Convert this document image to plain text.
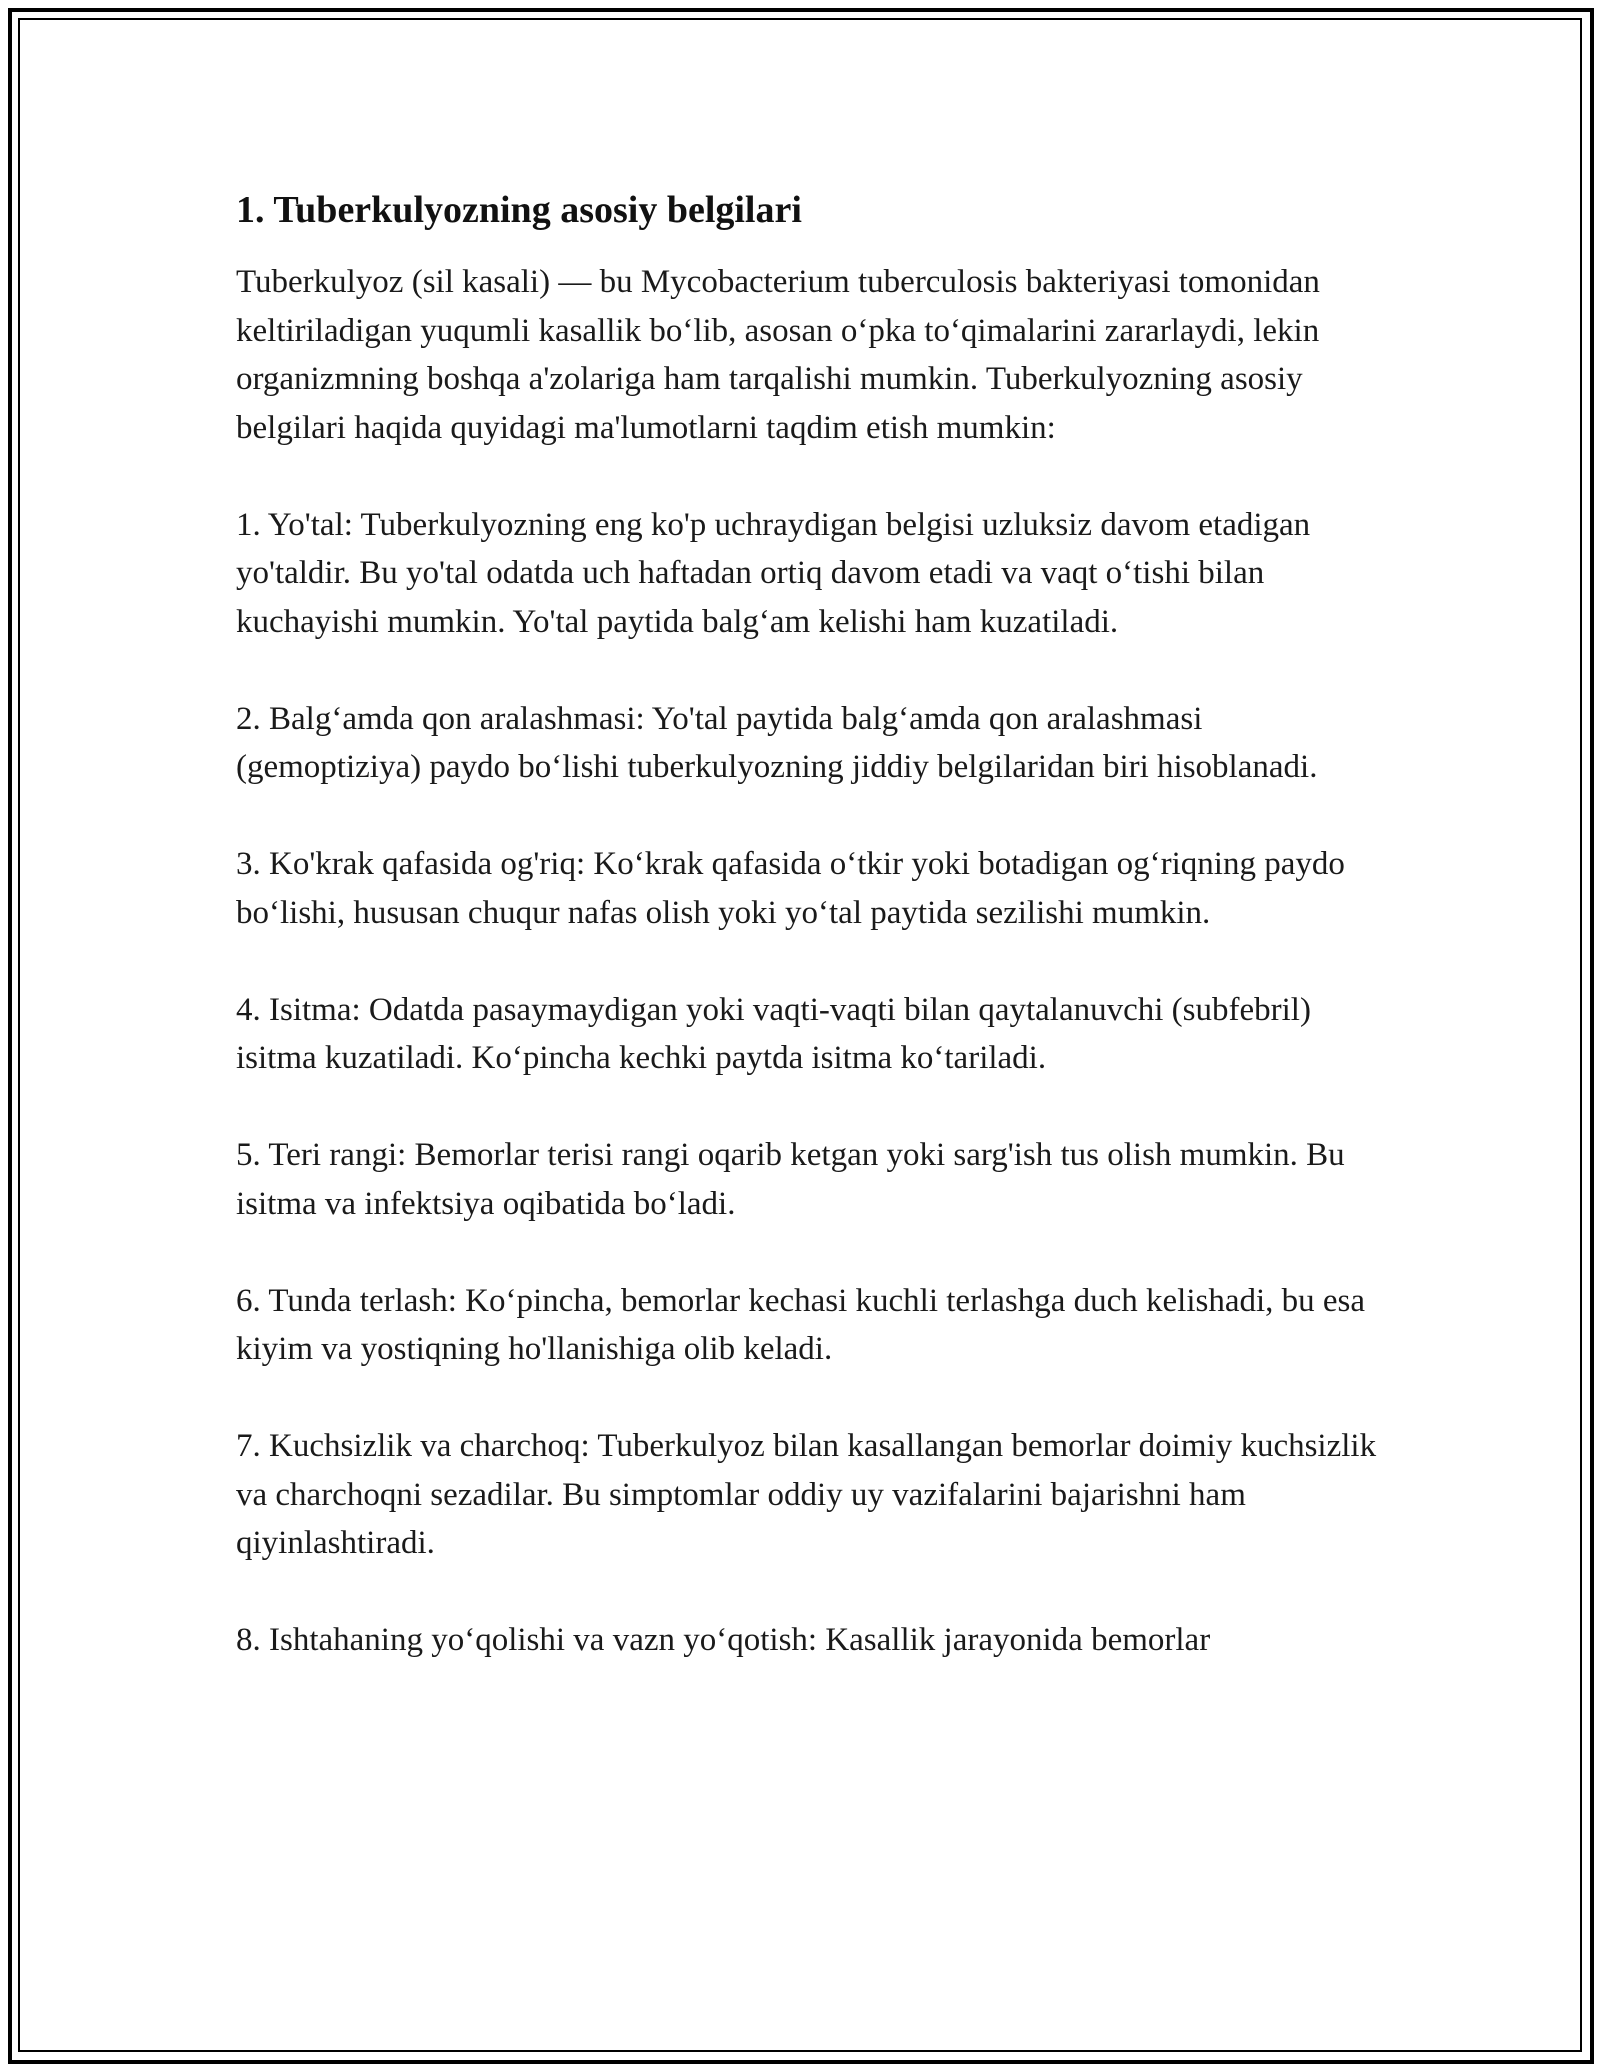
1. Tuberkulyozning asosiy belgilari

Tuberkulyoz (sil kasali) — bu Mycobacterium tuberculosis bakteriyasi tomonidan keltiriladigan yuqumli kasallik bo‘lib, asosan o‘pka to‘qimalarini zararlaydi, lekin organizmning boshqa a'zolariga ham tarqalishi mumkin. Tuberkulyozning asosiy belgilari haqida quyidagi ma'lumotlarni taqdim etish mumkin:

1. Yo'tal: Tuberkulyozning eng ko'p uchraydigan belgisi uzluksiz davom etadigan yo'taldir. Bu yo'tal odatda uch haftadan ortiq davom etadi va vaqt o‘tishi bilan kuchayishi mumkin. Yo'tal paytida balg‘am kelishi ham kuzatiladi.

2. Balg‘amda qon aralashmasi: Yo'tal paytida balg‘amda qon aralashmasi (gemoptiziya) paydo bo‘lishi tuberkulyozning jiddiy belgilaridan biri hisoblanadi.

3. Ko'krak qafasida og'riq: Ko‘krak qafasida o‘tkir yoki botadigan og‘riqning paydo bo‘lishi, hususan chuqur nafas olish yoki yo‘tal paytida sezilishi mumkin.

4. Isitma: Odatda pasaymaydigan yoki vaqti-vaqti bilan qaytalanuvchi (subfebril) isitma kuzatiladi. Ko‘pincha kechki paytda isitma ko‘tariladi.

5. Teri rangi: Bemorlar terisi rangi oqarib ketgan yoki sarg'ish tus olish mumkin. Bu isitma va infektsiya oqibatida bo‘ladi.

6. Tunda terlash: Ko‘pincha, bemorlar kechasi kuchli terlashga duch kelishadi, bu esa kiyim va yostiqning ho'llanishiga olib keladi.

7. Kuchsizlik va charchoq: Tuberkulyoz bilan kasallangan bemorlar doimiy kuchsizlik va charchoqni sezadilar. Bu simptomlar oddiy uy vazifalarini bajarishni ham qiyinlashtiradi.

8. Ishtahaning yo‘qolishi va vazn yo‘qotish: Kasallik jarayonida bemorlar
